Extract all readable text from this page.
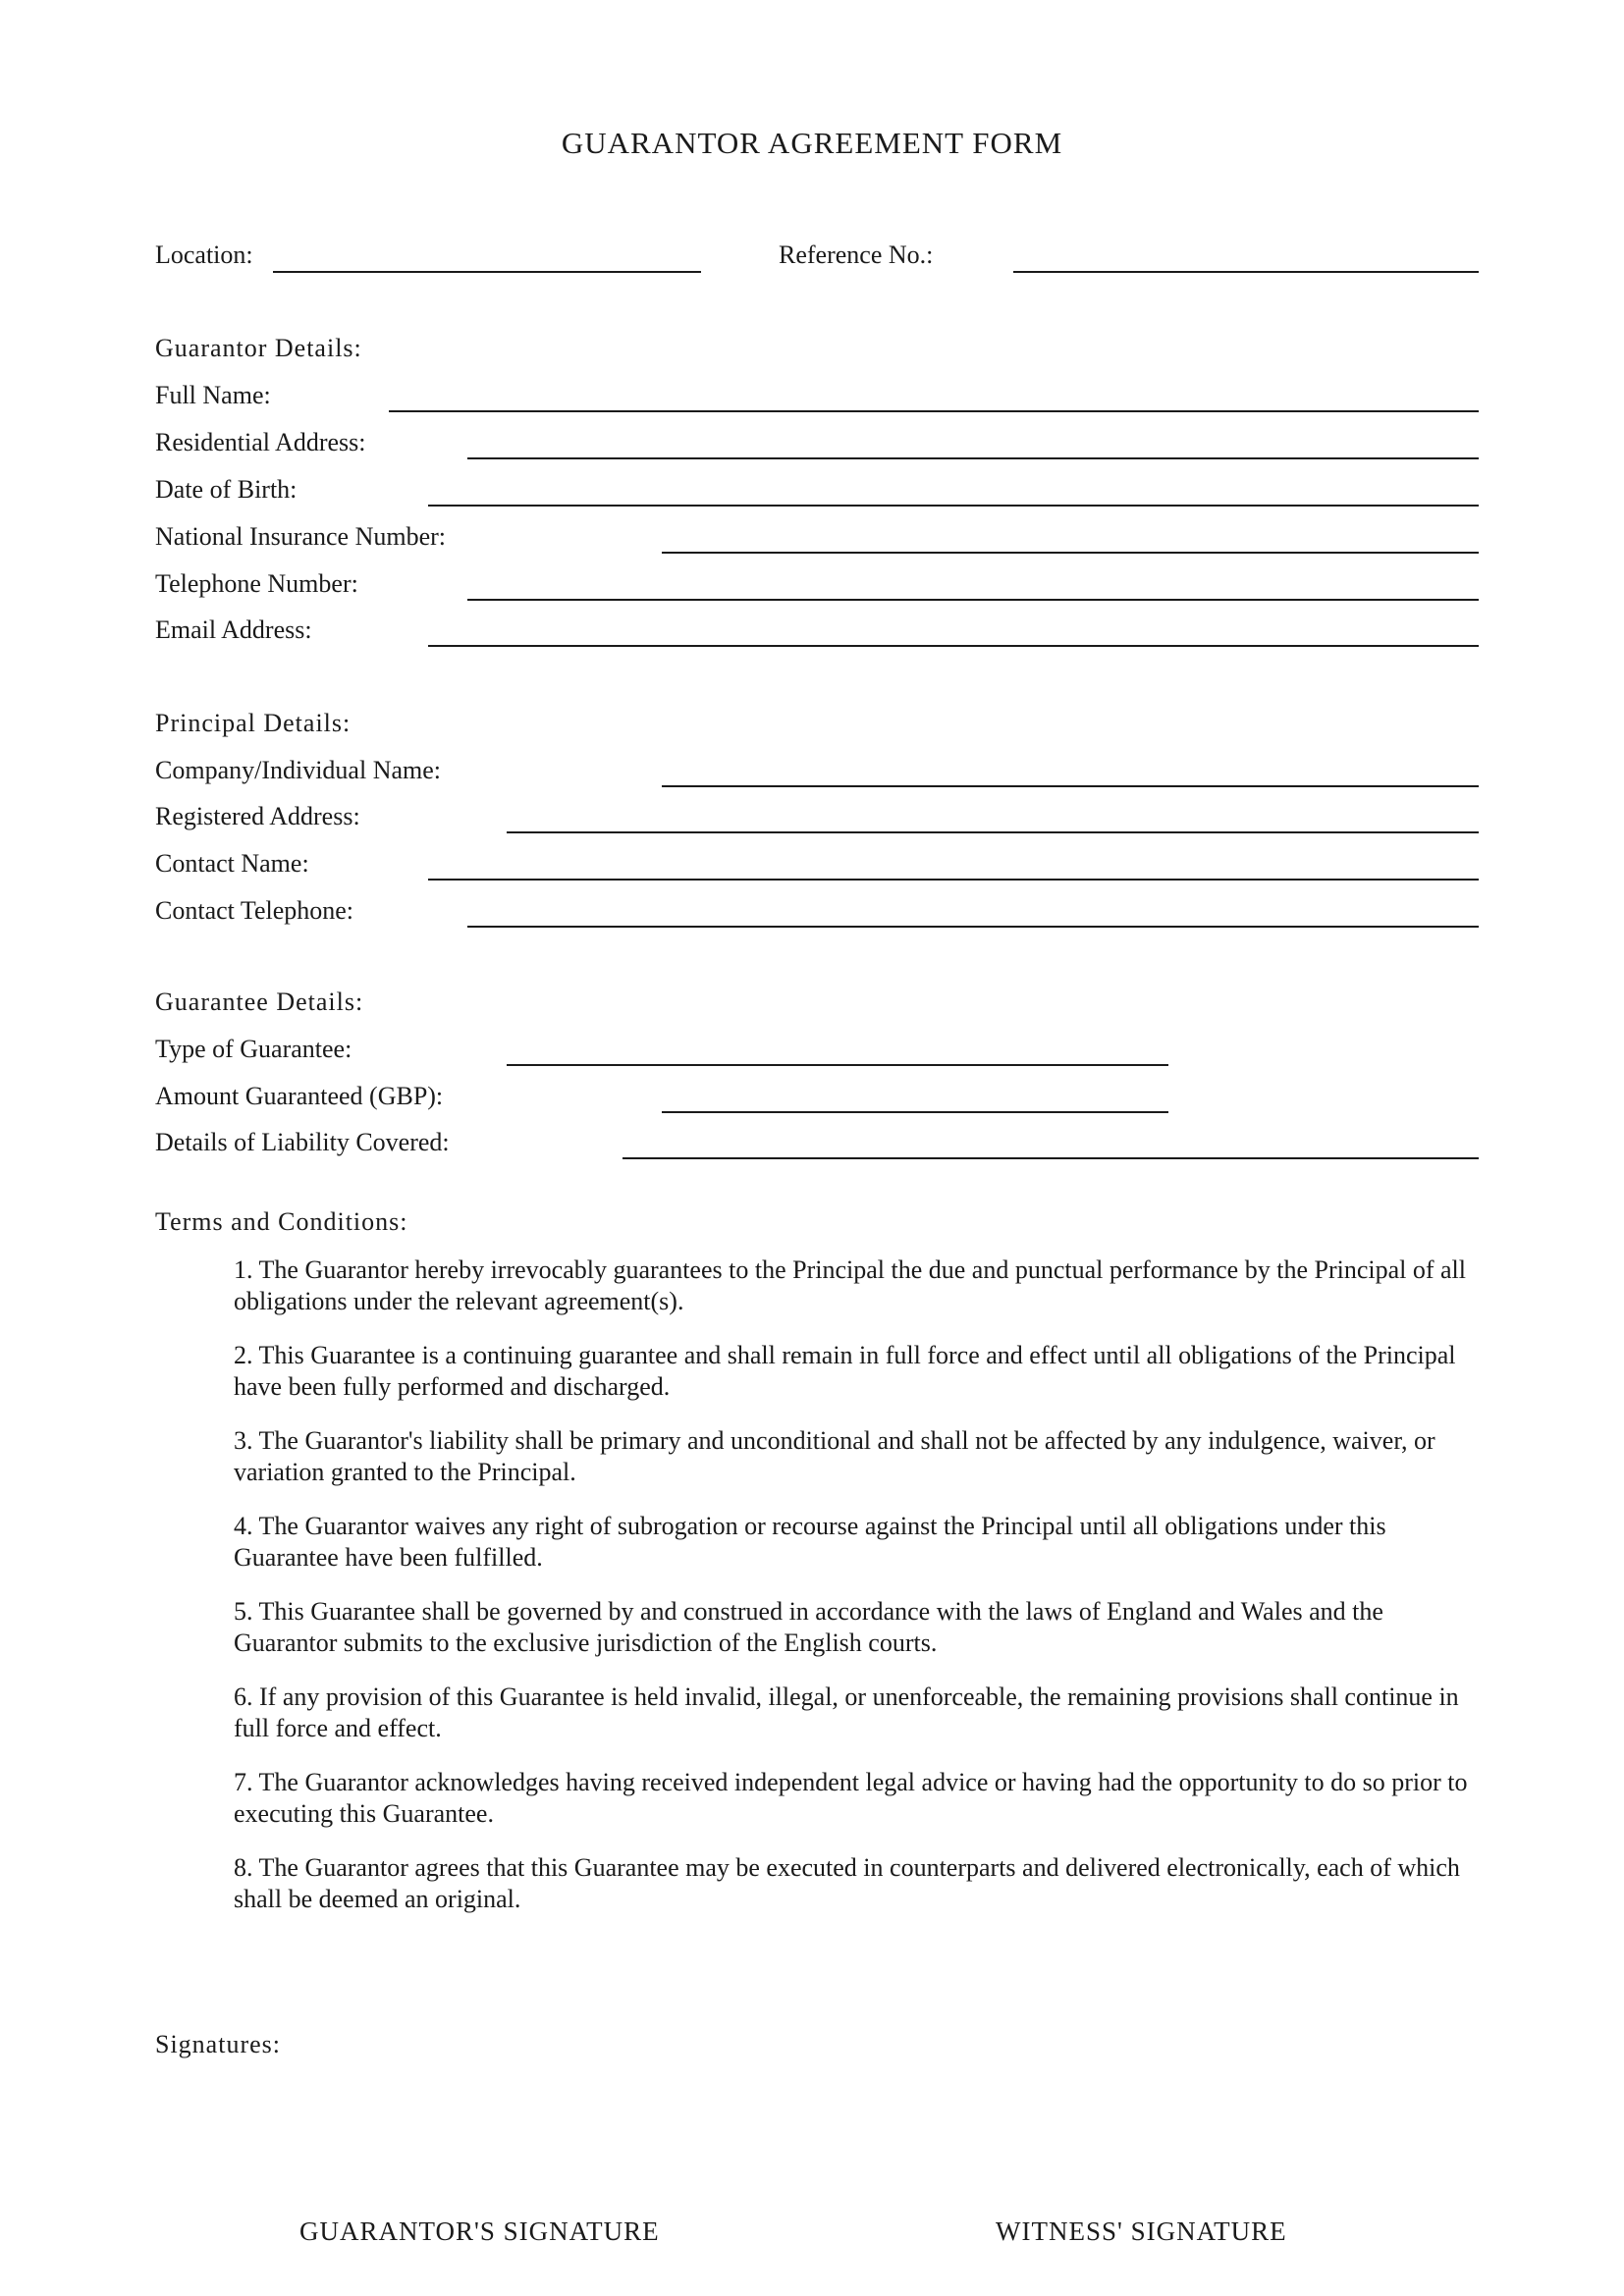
GUARANTOR AGREEMENT FORM
Location:	Reference No.:
Guarantor Details:
Full Name:
Residential Address:
Date of Birth:
National Insurance Number:
Telephone Number:
Email Address:
Principal Details:
Company/Individual Name:
Registered Address:
Contact Name:
Contact Telephone:
Guarantee Details:
Type of Guarantee:
Amount Guaranteed (GBP):
Details of Liability Covered:
Terms and Conditions:
1. The Guarantor hereby irrevocably guarantees to the Principal the due and punctual performance by the Principal of all obligations under the relevant agreement(s).
2. This Guarantee is a continuing guarantee and shall remain in full force and effect until all obligations of the Principal have been fully performed and discharged.
3. The Guarantor's liability shall be primary and unconditional and shall not be affected by any indulgence, waiver, or variation granted to the Principal.
4. The Guarantor waives any right of subrogation or recourse against the Principal until all obligations under this Guarantee have been fulfilled.
5. This Guarantee shall be governed by and construed in accordance with the laws of England and Wales and the Guarantor submits to the exclusive jurisdiction of the English courts.
6. If any provision of this Guarantee is held invalid, illegal, or unenforceable, the remaining provisions shall continue in full force and effect.
7. The Guarantor acknowledges having received independent legal advice or having had the opportunity to do so prior to executing this Guarantee.
8. The Guarantor agrees that this Guarantee may be executed in counterparts and delivered electronically, each of which shall be deemed an original.
Signatures:
GUARANTOR'S SIGNATURE	WITNESS' SIGNATURE
